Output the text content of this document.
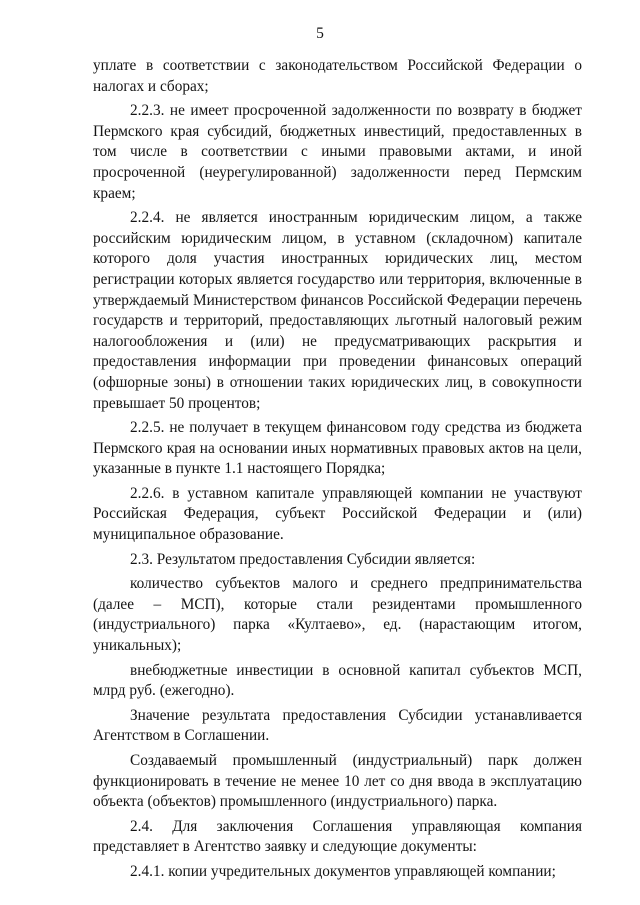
5

уплате в соответствии с законодательством Российской Федерации о налогах и сборах;

2.2.3. не имеет просроченной задолженности по возврату в бюджет Пермского края субсидий, бюджетных инвестиций, предоставленных в том числе в соответствии с иными правовыми актами, и иной просроченной (неурегулированной) задолженности перед Пермским краем;

2.2.4. не является иностранным юридическим лицом, а также российским юридическим лицом, в уставном (складочном) капитале которого доля участия иностранных юридических лиц, местом регистрации которых является государство или территория, включенные в утверждаемый Министерством финансов Российской Федерации перечень государств и территорий, предоставляющих льготный налоговый режим налогообложения и (или) не предусматривающих раскрытия и предоставления информации при проведении финансовых операций (офшорные зоны) в отношении таких юридических лиц, в совокупности превышает 50 процентов;

2.2.5. не получает в текущем финансовом году средства из бюджета Пермского края на основании иных нормативных правовых актов на цели, указанные в пункте 1.1 настоящего Порядка;

2.2.6. в уставном капитале управляющей компании не участвуют Российская Федерация, субъект Российской Федерации и (или) муниципальное образование.

2.3. Результатом предоставления Субсидии является:

количество субъектов малого и среднего предпринимательства (далее – МСП), которые стали резидентами промышленного (индустриального) парка «Култаево», ед. (нарастающим итогом, уникальных);

внебюджетные инвестиции в основной капитал субъектов МСП, млрд руб. (ежегодно).

Значение результата предоставления Субсидии устанавливается Агентством в Соглашении.

Создаваемый промышленный (индустриальный) парк должен функционировать в течение не менее 10 лет со дня ввода в эксплуатацию объекта (объектов) промышленного (индустриального) парка.

2.4. Для заключения Соглашения управляющая компания представляет в Агентство заявку и следующие документы:

2.4.1. копии учредительных документов управляющей компании;
